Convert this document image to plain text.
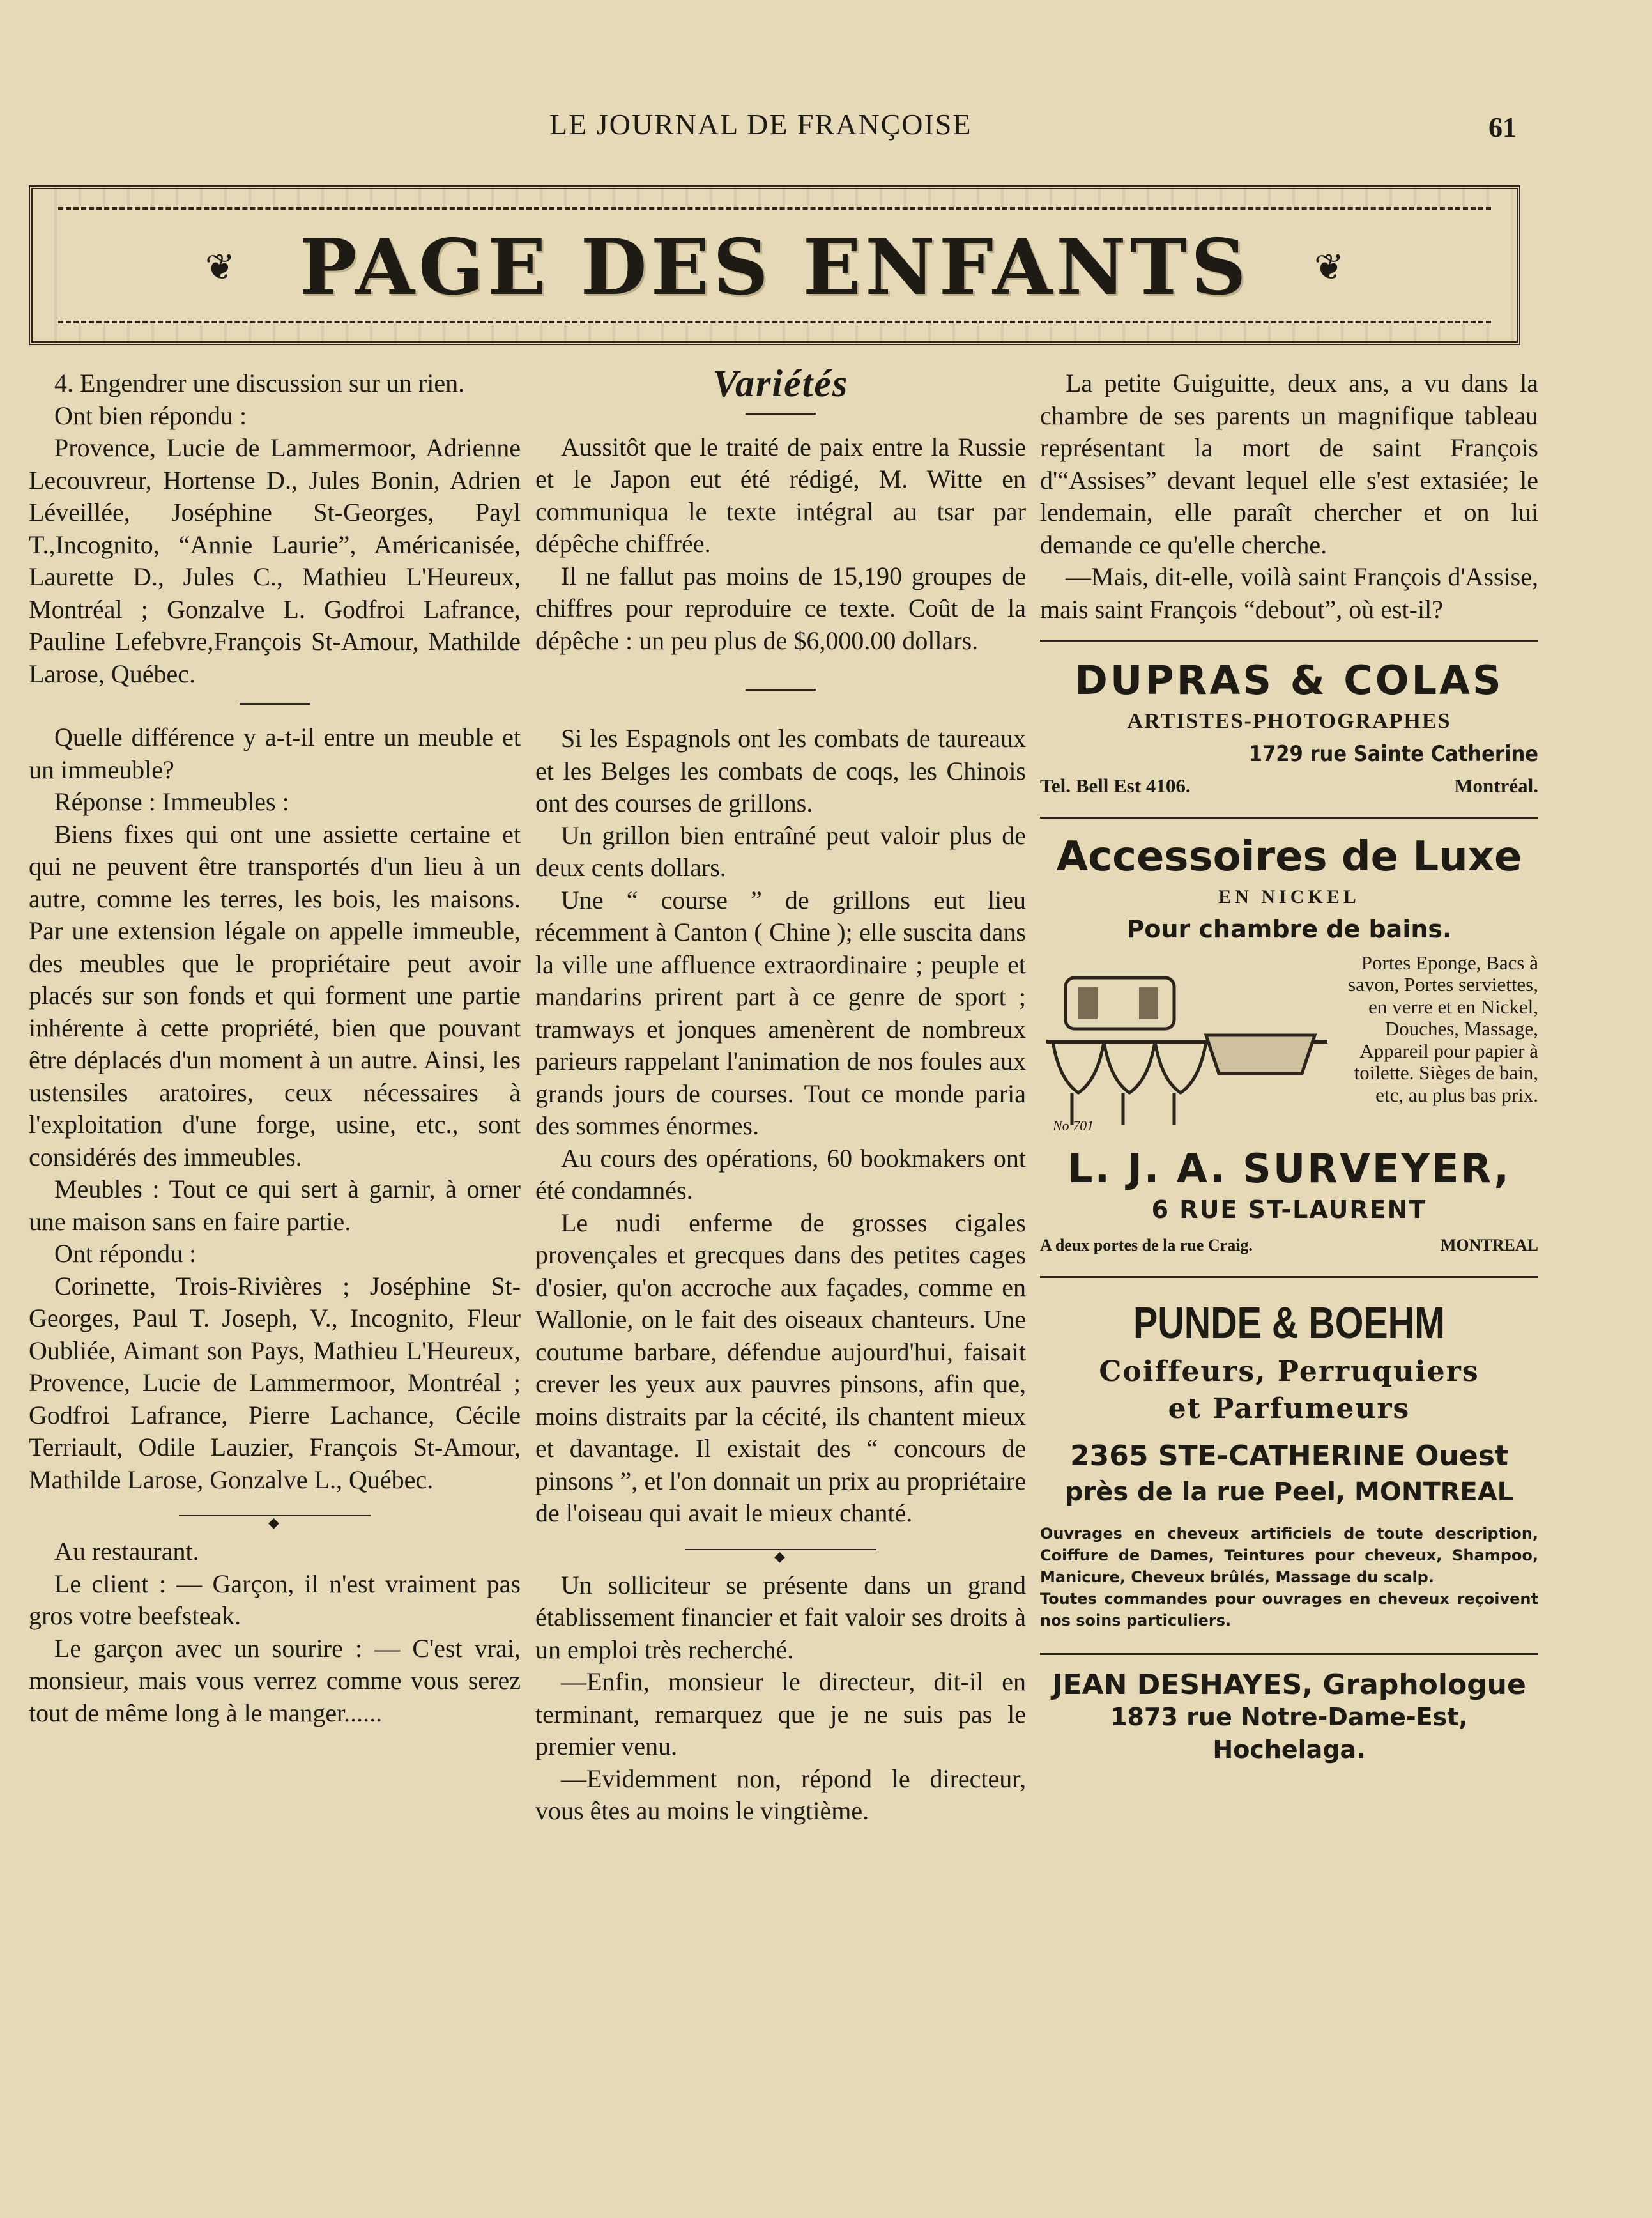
LE JOURNAL DE FRANÇOISE	61
❦ PAGE DES ENFANTS	❦

4. Engendrer une discussion sur un rien.

Ont bien répondu :

Provence, Lucie de Lammermoor, Adrienne Lecouvreur, Hortense D., Jules Bonin, Adrien Léveillée, Joséphine St-Georges, Payl T.,Incognito, “Annie Laurie”, Américanisée, Laurette D., Jules C., Mathieu L'Heureux, Montréal ; Gonzalve L. Godfroi Lafrance, Pauline Lefebvre,François St-Amour, Mathilde Larose, Québec.

Quelle différence y a-t-il entre un meuble et un immeuble?

Réponse : Immeubles :

Biens fixes qui ont une assiette certaine et qui ne peuvent être transportés d'un lieu à un autre, comme les terres, les bois, les maisons. Par une extension légale on appelle immeuble, des meubles que le propriétaire peut avoir placés sur son fonds et qui forment une partie inhérente à cette propriété, bien que pouvant être déplacés d'un moment à un autre. Ainsi, les ustensiles aratoires, ceux nécessaires à l'exploitation d'une forge, usine, etc., sont considérés des immeubles.

Meubles : Tout ce qui sert à garnir, à orner une maison sans en faire partie.

Ont répondu :

Corinette, Trois-Rivières ; Joséphine St-Georges, Paul T. Joseph, V., Incognito, Fleur Oubliée, Aimant son Pays, Mathieu L'Heureux, Provence, Lucie de Lammermoor, Montréal ; Godfroi Lafrance, Pierre Lachance, Cécile Terriault, Odile Lauzier, François St-Amour, Mathilde Larose, Gonzalve L., Québec.

◆

Au restaurant.

Le client : — Garçon, il n'est vraiment pas gros votre beefsteak.

Le garçon avec un sourire : — C'est vrai, monsieur, mais vous verrez comme vous serez tout de même long à le manger......

Variétés

Aussitôt que le traité de paix entre la Russie et le Japon eut été rédigé, M. Witte en communiqua le texte intégral au tsar par dépêche chiffrée.

Il ne fallut pas moins de 15,190 groupes de chiffres pour reproduire ce texte. Coût de la dépêche : un peu plus de $6,000.00 dollars.

Si les Espagnols ont les combats de taureaux et les Belges les combats de coqs, les Chinois ont des courses de grillons.

Un grillon bien entraîné peut valoir plus de deux cents dollars.

Une “ course ” de grillons eut lieu récemment à Canton ( Chine ); elle suscita dans la ville une affluence extraordinaire ; peuple et mandarins prirent part à ce genre de sport ; tramways et jonques amenèrent de nombreux parieurs rappelant l'animation de nos foules aux grands jours de courses. Tout ce monde paria des sommes énormes.

Au cours des opérations, 60 bookmakers ont été condamnés.

Le nudi enferme de grosses cigales provençales et grecques dans des petites cages d'osier, qu'on accroche aux façades, comme en Wallonie, on le fait des oiseaux chanteurs. Une coutume barbare, défendue aujourd'hui, faisait crever les yeux aux pauvres pinsons, afin que, moins distraits par la cécité, ils chantent mieux et davantage. Il existait des “ concours de pinsons ”, et l'on donnait un prix au propriétaire de l'oiseau qui avait le mieux chanté.

◆

Un solliciteur se présente dans un grand établissement financier et fait valoir ses droits à un emploi très recherché.

—Enfin, monsieur le directeur, dit-il en terminant, remarquez que je ne suis pas le premier venu.

—Evidemment non, répond le directeur, vous êtes au moins le vingtième.

La petite Guiguitte, deux ans, a vu dans la chambre de ses parents un magnifique tableau représentant la mort de saint François d'“Assises” devant lequel elle s'est extasiée; le lendemain, elle paraît chercher et on lui demande ce qu'elle cherche.

—Mais, dit-elle, voilà saint François d'Assise, mais saint François “debout”, où est-il?

DUPRAS & COLAS
ARTISTES-PHOTOGRAPHES
1729 rue Sainte Catherine
Tel. Bell Est 4106.	Montréal.
Accessoires de Luxe
EN NICKEL
Pour chambre de bains.
No 701
Portes Eponge, Bacs à savon, Portes serviettes, en verre et en Nickel, Douches, Massage, Appareil pour papier à toilette. Sièges de bain, etc, au plus bas prix.
L. J. A. SURVEYER,
6 RUE ST-LAURENT
A deux portes de la rue Craig.	MONTREAL
PUNDE & BOEHM
Coiffeurs, Perruquiers
et Parfumeurs
2365 STE-CATHERINE Ouest
près de la rue Peel, MONTREAL
Ouvrages en cheveux artificiels de toute description, Coiffure de Dames, Teintures pour cheveux, Shampoo, Manicure, Cheveux brûlés, Massage du scalp.
Toutes commandes pour ouvrages en cheveux reçoivent nos soins particuliers.
JEAN DESHAYES, Graphologue
1873 rue Notre-Dame-Est, Hochelaga.
